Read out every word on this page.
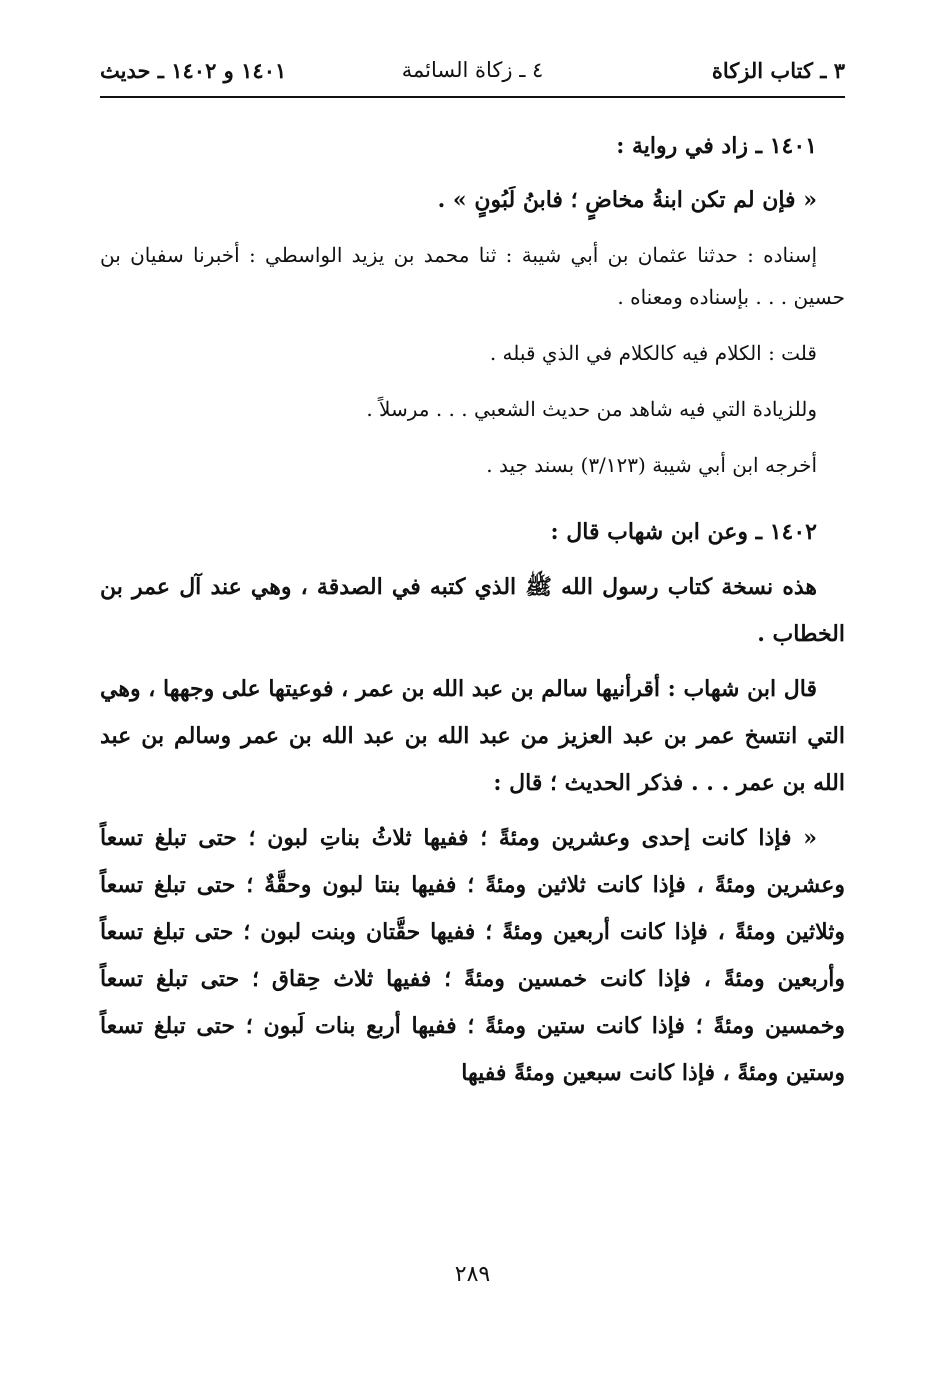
٣ ـ كتاب الزكاة
٤ ـ زكاة السائمة
١٤٠١ و ١٤٠٢ ـ حديث

١٤٠١ ـ زاد في رواية :

« فإن لم تكن ابنةُ مخاضٍ ؛ فابنُ لَبُونٍ » .

إسناده : حدثنا عثمان بن أبي شيبة : ثنا محمد بن يزيد الواسطي : أخبرنا سفيان بن حسين . . . بإسناده ومعناه .

قلت : الكلام فيه كالكلام في الذي قبله .

وللزيادة التي فيه شاهد من حديث الشعبي . . . مرسلاً .

أخرجه ابن أبي شيبة (٣/١٢٣) بسند جيد .

١٤٠٢ ـ وعن ابن شهاب قال :

هذه نسخة كتاب رسول الله ﷺ الذي كتبه في الصدقة ، وهي عند آل عمر بن الخطاب .

قال ابن شهاب : أقرأنيها سالم بن عبد الله بن عمر ، فوعيتها على وجهها ، وهي التي انتسخ عمر بن عبد العزيز من عبد الله بن عبد الله بن عمر وسالم بن عبد الله بن عمر . . . فذكر الحديث ؛ قال :

« فإذا كانت إحدى وعشرين ومئةً ؛ ففيها ثلاثُ بناتِ لبون ؛ حتى تبلغ تسعاً وعشرين ومئةً ، فإذا كانت ثلاثين ومئةً ؛ ففيها بنتا لبون وحقَّةٌ ؛ حتى تبلغ تسعاً وثلاثين ومئةً ، فإذا كانت أربعين ومئةً ؛ ففيها حقَّتان وبنت لبون ؛ حتى تبلغ تسعاً وأربعين ومئةً ، فإذا كانت خمسين ومئةً ؛ ففيها ثلاث حِقاق ؛ حتى تبلغ تسعاً وخمسين ومئةً ؛ فإذا كانت ستين ومئةً ؛ ففيها أربع بنات لَبون ؛ حتى تبلغ تسعاً وستين ومئةً ، فإذا كانت سبعين ومئةً ففيها

٢٨٩
